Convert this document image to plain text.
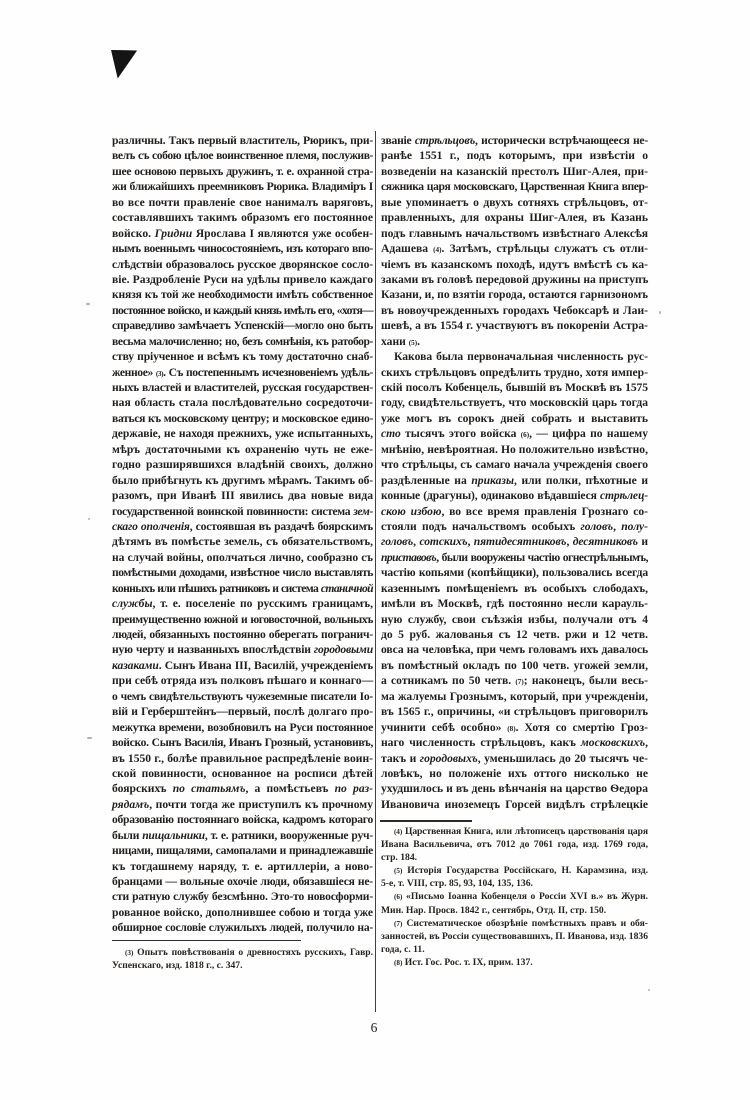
различны. Такъ первый властитель, Рюрикъ, при-
велъ съ собою цѣлое воинственное племя, послужив-
шее основою первыхъ дружинъ, т. е. охранной стра-
жи ближайшихъ преемниковъ Рюрика. Владиміръ I
во все почти правленіе свое нанималъ варяговъ,
составлявшихъ такимъ образомъ его постоянное
войско. Гридни Ярослава I являются уже особен-
нымъ военнымъ чиносостояніемъ, изъ котораго впо-
слѣдствіи образовалось русское дворянское сосло-
віе. Раздробленіе Руси на удѣлы привело каждаго
князя къ той же необходимости имѣть собственное
постоянное войско, и каждый князь имѣлъ его, «хотя—
справедливо замѣчаетъ Успенскій—могло оно быть
весьма малочисленно; но, безъ сомнѣнія, къ ратобор-
ству пріученное и всѣмъ къ тому достаточно снаб-
женное» (3). Съ постепеннымъ исчезновеніемъ удѣль-
ныхъ властей и властителей, русская государствен-
ная область стала послѣдовательно сосредоточи-
ваться къ московскому центру; и московское едино-
державіе, не находя прежнихъ, уже испытанныхъ,
мѣръ достаточными къ охраненію чуть не еже-
годно разширявшихся владѣній своихъ, должно
было прибѣгнуть къ другимъ мѣрамъ. Такимъ об-
разомъ, при Иванѣ III явились два новые вида
государственной воинской повинности: система зем-
скаго ополченія, состоявшая въ раздачѣ боярскимъ
дѣтямъ въ помѣстье земель, съ обязательствомъ,
на случай войны, ополчаться лично, сообразно съ
помѣстными доходами, извѣстное число выставлять
конныхъ или пѣшихъ ратниковъ и система станичной
службы, т. е. поселеніе по русскимъ границамъ,
преимущественно южной и юговосточной, вольныхъ
людей, обязанныхъ постоянно оберегать погранич-
ную черту и названныхъ впослѣдствіи городовыми
казаками. Сынъ Ивана III, Василій, учрежденіемъ
при себѣ отряда изъ полковъ пѣшаго и коннаго—
о чемъ свидѣтельствуютъ чужеземные писатели Іо-
вій и Герберштейнъ—первый, послѣ долгаго про-
межутка времени, возобновилъ на Руси постоянное
войско. Сынъ Василія, Иванъ Грозный, установивъ,
въ 1550 г., болѣе правильное распредѣленіе воин-
ской повинности, основанное на росписи дѣтей
боярскихъ по статьямъ, а помѣстьевъ по раз-
рядамъ, почти тогда же приступилъ къ прочному
образованію постояннаго войска, кадромъ котораго
были пищальники, т. е. ратники, вооруженные руч-
ницами, пищалями, самопалами и принадлежавшіе
къ тогдашнему наряду, т. е. артиллеріи, а ново-
бранцами — вольные охочіе люди, обязавшіеся не-
сти ратную службу безсмѣнно. Это-то новосформи-
рованное войско, дополнившее собою и тогда уже
обширное сословіе служилыхъ людей, получило на-
званіе стрѣльцовъ, исторически встрѣчающееся не-
ранѣе 1551 г., подъ которымъ, при извѣстіи о
возведеніи на казанскій престолъ Шиг-Алея, при-
сяжника царя московскаго, Царственная Книга впер-
вые упоминаетъ о двухъ сотняхъ стрѣльцовъ, от-
правленныхъ, для охраны Шиг-Алея, въ Казань
подъ главнымъ начальствомъ извѣстнаго Алексѣя
Адашева (4). Затѣмъ, стрѣльцы служатъ съ отли-
чіемъ въ казанскомъ походѣ, идутъ вмѣстѣ съ ка-
заками въ головѣ передовой дружины на приступъ
Казани, и, по взятіи города, остаются гарнизономъ
въ новоучрежденныхъ городахъ Чебоксарѣ и Лаи-
шевѣ, а въ 1554 г. участвуютъ въ покореніи Астра-
хани (5).
Какова была первоначальная численность рус-
скихъ стрѣльцовъ опредѣлить трудно, хотя импер-
скій посолъ Кобенцель, бывшій въ Москвѣ въ 1575
году, свидѣтельствуетъ, что московскій царь тогда
уже могъ въ сорокъ дней собрать и выставить
сто тысячъ этого войска (6), — цифра по нашему
мнѣнію, невѣроятная. Но положительно извѣстно,
что стрѣльцы, съ самаго начала учрежденія своего
раздѣленные на приказы, или полки, пѣхотные и
конные (драгуны), одинаково вѣдавшіеся стрѣлец-
скою избою, во все время правленія Грознаго со-
стояли подъ начальствомъ особыхъ головъ, полу-
головъ, сотскихъ, пятидесятниковъ, десятниковъ и
приставовъ, были вооружены частію огнестрѣльнымъ,
частію копьями (копѣйщики), пользовались всегда
казеннымъ помѣщеніемъ въ особыхъ слободахъ,
имѣли въ Москвѣ, гдѣ постоянно несли карауль-
ную службу, свои съѣзжія избы, получали отъ 4
до 5 руб. жалованья съ 12 четв. ржи и 12 четв.
овса на человѣка, при чемъ головамъ ихъ давалось
въ помѣстный окладъ по 100 четв. угожей земли,
а сотникамъ по 50 четв. (7); наконецъ, были весь-
ма жалуемы Грознымъ, который, при учрежденіи,
въ 1565 г., опричины, «и стрѣльцовъ приговорилъ
учинити себѣ особно» (8). Хотя со смертію Гроз-
наго численность стрѣльцовъ, какъ московскихъ,
такъ и городовыхъ, уменьшилась до 20 тысячъ че-
ловѣкъ, но положеніе ихъ оттого нисколько не
ухудшилось и въ день вѣнчанія на царство Ѳедора
Ивановича иноземецъ Горсей видѣлъ стрѣлецкіе
(3) Опытъ повѣствованія о древностяхъ русскихъ, Гавр.
Успенскаго, изд. 1818 г., с. 347.
(4) Царственная Книга, или лѣтописецъ царствованія царя
Ивана Васильевича, отъ 7012 до 7061 года, изд. 1769 года,
стр. 184.
(5) Исторія Государства Россійскаго, Н. Карамзина, изд.
5-е, т. VIII, стр. 85, 93, 104, 135, 136.
(6) «Письмо Іоанна Кобенцеля о Россіи XVI в.» въ Журн.
Мин. Нар. Просв. 1842 г., сентябрь, Отд. II, стр. 150.
(7) Систематическое обозрѣніе помѣстныхъ правъ и обя-
занностей, въ Россіи существовавшихъ, П. Иванова, изд. 1836
года, с. 11.
(8) Ист. Гос. Рос. т. IX, прим. 137.
6
